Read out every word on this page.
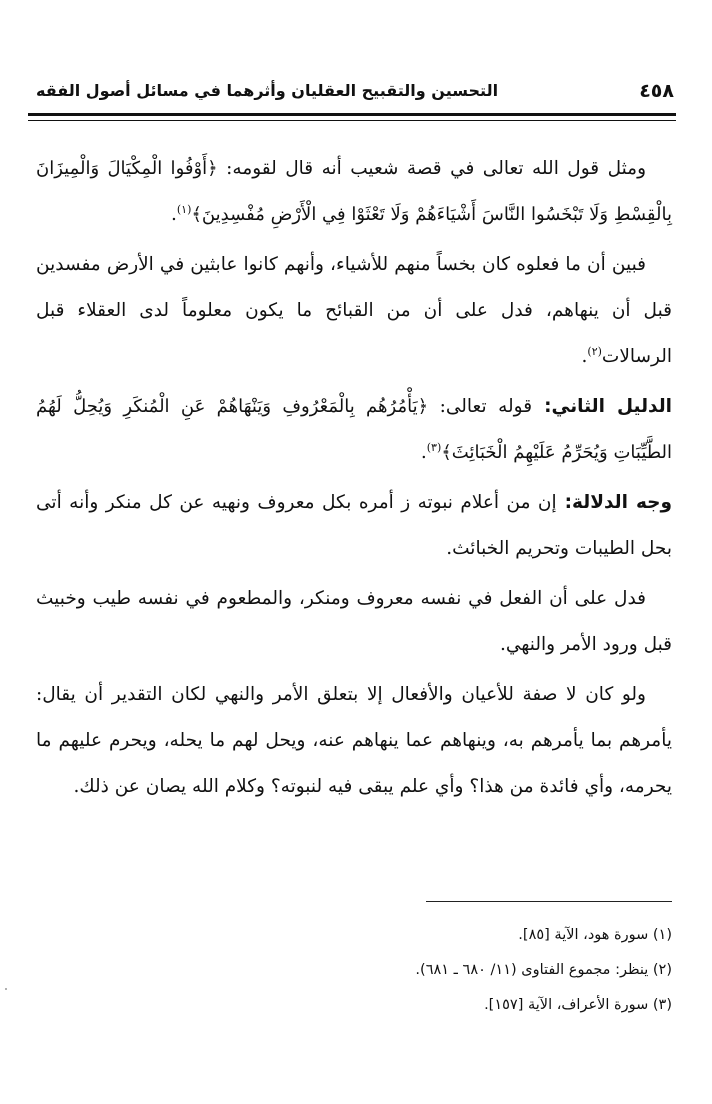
٤٥٨
التحسين والتقبيح العقليان وأثرهما في مسائل أصول الفقه

ومثل قول الله تعالى في قصة شعيب أنه قال لقومه: ﴿أَوْفُوا الْمِكْيَالَ وَالْمِيزَانَ بِالْقِسْطِ وَلَا تَبْخَسُوا النَّاسَ أَشْيَاءَهُمْ وَلَا تَعْثَوْا فِي الْأَرْضِ مُفْسِدِينَ﴾$^{(١)}$.

فبين أن ما فعلوه كان بخساً منهم للأشياء، وأنهم كانوا عابثين في الأرض مفسدين قبل أن ينهاهم، فدل على أن من القبائح ما يكون معلوماً لدى العقلاء قبل الرسالات$^{(٢)}$.

الدليل الثاني: قوله تعالى: ﴿يَأْمُرُهُم بِالْمَعْرُوفِ وَيَنْهَاهُمْ عَنِ الْمُنكَرِ وَيُحِلُّ لَهُمُ الطَّيِّبَاتِ وَيُحَرِّمُ عَلَيْهِمُ الْخَبَائِثَ﴾$^{(٣)}$.

وجه الدلالة: إن من أعلام نبوته ز أمره بكل معروف ونهيه عن كل منكر وأنه أتى بحل الطيبات وتحريم الخبائث.

فدل على أن الفعل في نفسه معروف ومنكر، والمطعوم في نفسه طيب وخبيث قبل ورود الأمر والنهي.

ولو كان لا صفة للأعيان والأفعال إلا بتعلق الأمر والنهي لكان التقدير أن يقال: يأمرهم بما يأمرهم به، وينهاهم عما ينهاهم عنه، ويحل لهم ما يحله، ويحرم عليهم ما يحرمه، وأي فائدة من هذا؟ وأي علم يبقى فيه لنبوته؟ وكلام الله يصان عن ذلك.

(١) سورة هود، الآية [٨٥].
(٢) ينظر: مجموع الفتاوى (١١/ ٦٨٠ ـ ٦٨١).
(٣) سورة الأعراف، الآية [١٥٧].
